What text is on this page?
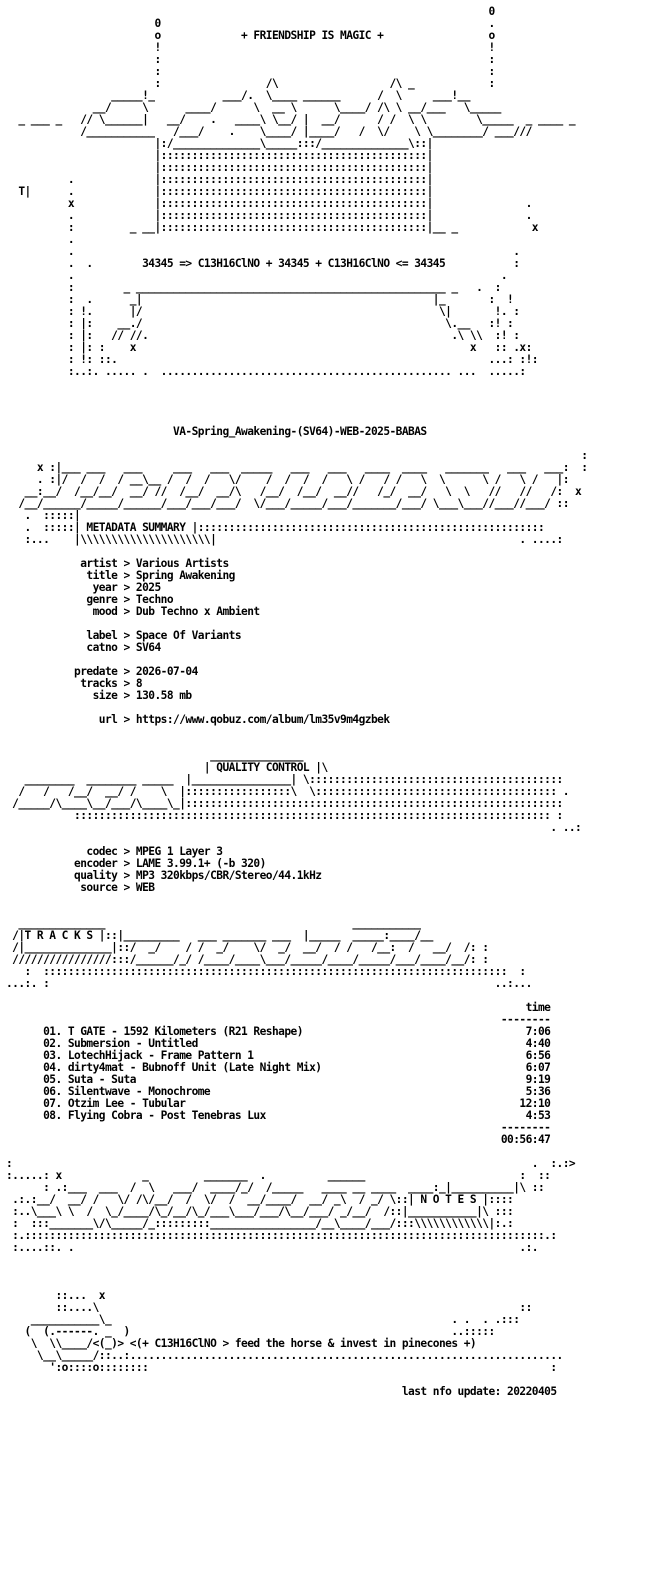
0
0                                                     .
o             + FRIENDSHIP IS MAGIC +                 o
!                                                     !
:                                                     :
:                                                     :
:                 /\                  /\ _            :
_____!_           ___/.  \____ ______      /  \     ___!__
__/     \      ____/      \  __ \      \____/ /\ \ __/___   \_____
_ ___ _   // \______|   __/    .   ____\ \__/ |  __/      / /  \ \        \_____  _ ____ _
/___________   /___/    .    \____/ |____/   /  \/    \ \________/ ___///
|:/______________\_____:::/______________\::|
|:::::::::::::::::::::::::::::::::::::::::::|
|:::::::::::::::::::::::::::::::::::::::::::|
.             |:::::::::::::::::::::::::::::::::::::::::::|
T|      .             |:::::::::::::::::::::::::::::::::::::::::::|
x             |:::::::::::::::::::::::::::::::::::::::::::|               .
.             |:::::::::::::::::::::::::::::::::::::::::::|               .
:         _ __|:::::::::::::::::::::::::::::::::::::::::::|__ _            x
.
.                                                                       .
.  .        34345 => C13H16ClNO + 34345 + C13H16ClNO <= 34345           :
.                                                                     .
:        _ __________________________________________________ _   .  :
:  .      _|                                               |_       :  !
: !.      |/                                                \|       !. :
: |:    __./                                                 \.__   :! :
: |:   // //.                                                 .\ \\  :! :
: |: :    x                                                      x   :: .x:
: !: ::.                                                            ...: :!:
:..:. ..... .  ............................................... ...  .....:

VA-Spring_Awakening-(SV64)-WEB-2025-BABAS

:
x :|___ ___   ___     ___   ___  _____   ___   ___   ____  ____   _______   ___   ___:  :
. :|/  /  /  / __\__ /  /  /   \/    /  /  /  /   \ /   / /   \  \      \ /   \ /   |:
__:__/  /__/__/  __/ //  /__/  __/\   /__/  /__/  __//   /_/  __/   \  \   //   //   /:  x
/__/______/_____/______/___/___/___/  \/___/_____/___/_______/___/ \___\___//___//___/ ::
.  :::::|
.  :::::| METADATA SUMMARY |::::::::::::::::::::::::::::::::::::::::::::::::::::::::
:...    |\\\\\\\\\\\\\\\\\\\\\|                                                 . ....:

artist > Various Artists
title > Spring Awakening
year > 2025
genre > Techno
mood > Dub Techno x Ambient

label > Space Of Variants
catno > SV64

predate > 2026-07-04
tracks > 8
size > 130.58 mb

url > https://www.qobuz.com/album/lm35v9m4gzbek

_______________
| QUALITY CONTROL |\
________  ________ _____  |________________| \:::::::::::::::::::::::::::::::::::::::::
/   /   /__/  __/ /    \  |:::::::::::::::::\  \::::::::::::::::::::::::::::::::::::::: .
/_____/\____\__/___/\____\_|:::::::::::::::::::::::::::::::::::::::::::::::::::::::::::::
::::::::::::::::::::::::::::::::::::::::::::::::::::::::::::::::::::::::::::: :
. ..:

codec > MPEG 1 Layer 3
encoder > LAME 3.99.1+ (-b 320)
quality > MP3 320kbps/CBR/Stereo/44.1kHz
source > WEB

______________                                        ___________
/|T R A C K S |::|_________   ___ _______ ___  |_____  _____:____/__
/|______________|::/  _/    / /  _/    \/  _/  __/  / /   /__:  /   __/  /: :
////////////////:::/______/_/ /____/____\___/_____/____/_____/___/____/__/: :
:  :::::::::::::::::::::::::::::::::::::::::::::::::::::::::::::::::::::::::::  :
...:. :                                                                        ..:...

time
--------
01. T GATE - 1592 Kilometers (R21 Reshape)                                    7:06
02. Submersion - Untitled                                                     4:40
03. LotechHijack - Frame Pattern 1                                            6:56
04. dirty4mat - Bubnoff Unit (Late Night Mix)                                 6:07
05. Suta - Suta                                                               9:19
06. Silentwave - Monochrome                                                   5:36
07. Otzim Lee - Tubular                                                      12:10
08. Flying Cobra - Post Tenebras Lux                                          4:53
--------
00:56:47

:                                                                                    .  :.:>
:.....: x             _         _______  .          ______                         :  ::
: .:___  ___  /  \   ___/  ____/_/  /_____   ____ __ ____  ____:_|__________|\ ::
.:.:__/  __/ /   \/ /\/__/  /  \/  /  __/____/  __/ _\  / _/ \::| N O T E S |::::
:..\___\ \  /  \_/____/\_/__/\_/___\___/___/\__/___/ _/__/  /::|___________|\ :::
:  :::_______\/\_____/_:::::::::_________________/__\____/___/:::\\\\\\\\\\\\|:.:
:.::::::::::::::::::::::::::::::::::::::::::::::::::::::::::::::::::::::::::::::::::::.:
:....::. .                                                                        .:.

::...  x
::....\                                                                    ::
___________\_                                                       . .  . .:::
(  (.------. _  )                                                    ..:::::
\  \\____/<(_)> <(+ C13H16ClNO > feed the horse & invest in pinecones +)
\__\_____/::..:......................................................................
':o::::o::::::::                                                                 :

last nfo update: 20220405
